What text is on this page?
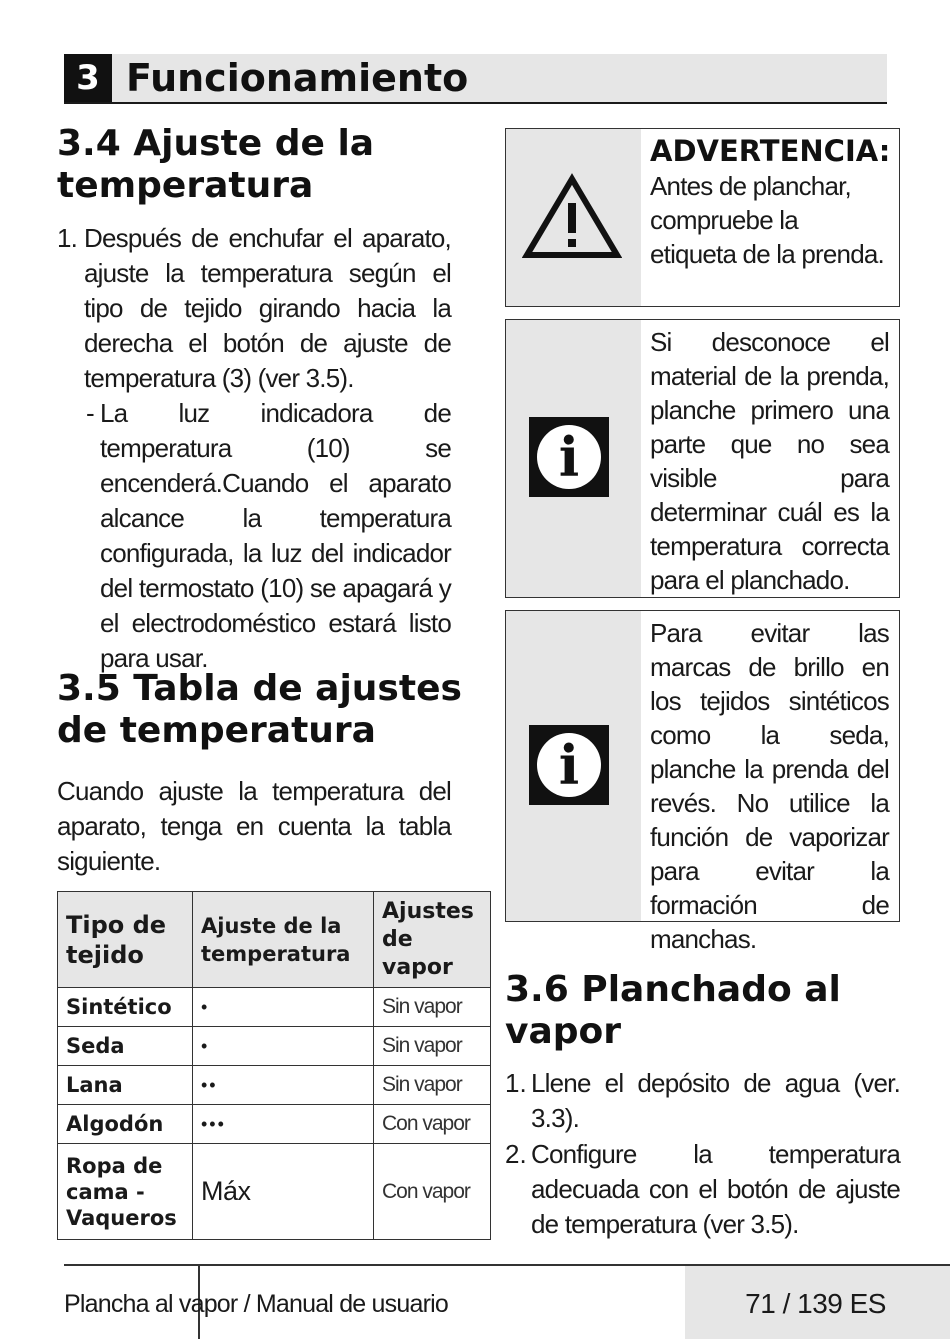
3 Funcionamiento
3.4 Ajuste de la
temperatura
1. Después de enchufar el aparato, ajuste la temperatura según el tipo de tejido girando hacia la derecha el botón de ajuste de temperatura (3) (ver 3.5).
- La luz indicadora de temperatura (10) se encenderá.Cuando el aparato alcance la temperatura configurada, la luz del indicador del termostato (10) se apagará y el electrodoméstico estará listo para usar.
3.5 Tabla de ajustes
de temperatura
Cuando ajuste la temperatura del aparato, tenga en cuenta la tabla siguiente.
Tipo de tejido	Ajuste de la temperatura	Ajustes de vapor
Sintético	•	Sin vapor
Seda	•	Sin vapor
Lana	••	Sin vapor
Algodón	•••	Con vapor
Ropa de cama - Vaqueros	Máx	Con vapor
ADVERTENCIA:
Antes de planchar, compruebe la etiqueta de la prenda.
i
Si desconoce el material de la prenda, planche primero una parte que no sea visible para determinar cuál es la temperatura correcta para el planchado.
i
Para evitar las marcas de brillo en los tejidos sintéticos como la seda, planche la prenda del revés. No utilice la función de vaporizar para evitar la formación de manchas.
3.6 Planchado al
vapor
1. Llene el depósito de agua (ver. 3.3).
2. Configure la temperatura adecuada con el botón de ajuste de temperatura (ver 3.5).
Plancha al vapor / Manual de usuario	71 / 139 ES
